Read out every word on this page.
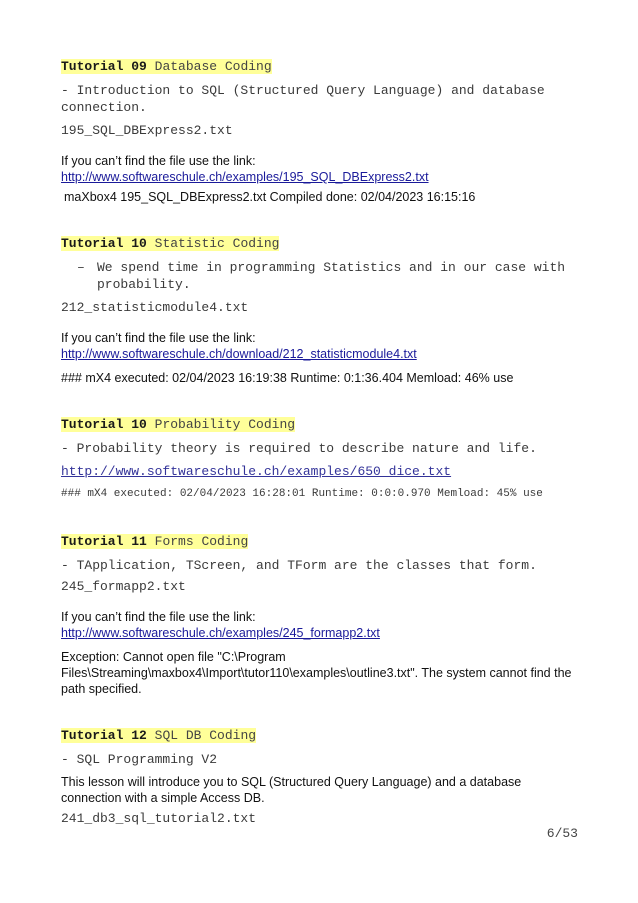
Tutorial 09 Database Coding

- Introduction to SQL (Structured Query Language) and database connection.

195_SQL_DBExpress2.txt

If you can’t find the file use the link:

http://www.softwareschule.ch/examples/195_SQL_DBExpress2.txt

maXbox4 195_SQL_DBExpress2.txt Compiled done: 02/04/2023 16:15:16

Tutorial 10 Statistic Coding

– We spend time in programming Statistics and in our case with probability.

212_statisticmodule4.txt

If you can’t find the file use the link:

http://www.softwareschule.ch/download/212_statisticmodule4.txt

### mX4 executed: 02/04/2023 16:19:38 Runtime: 0:1:36.404 Memload: 46% use

Tutorial 10 Probability Coding

- Probability theory is required to describe nature and life.

http://www.softwareschule.ch/examples/650_dice.txt

### mX4 executed: 02/04/2023 16:28:01 Runtime: 0:0:0.970 Memload: 45% use

Tutorial 11 Forms Coding

- TApplication, TScreen, and TForm are the classes that form.

245_formapp2.txt

If you can’t find the file use the link:

http://www.softwareschule.ch/examples/245_formapp2.txt

Exception: Cannot open file "C:\Program Files\Streaming\maxbox4\Import\tutor110\examples\outline3.txt". The system cannot find the path specified.

Tutorial 12 SQL DB Coding

- SQL Programming V2

This lesson will introduce you to SQL (Structured Query Language) and a database connection with a simple Access DB.

241_db3_sql_tutorial2.txt

6/53
